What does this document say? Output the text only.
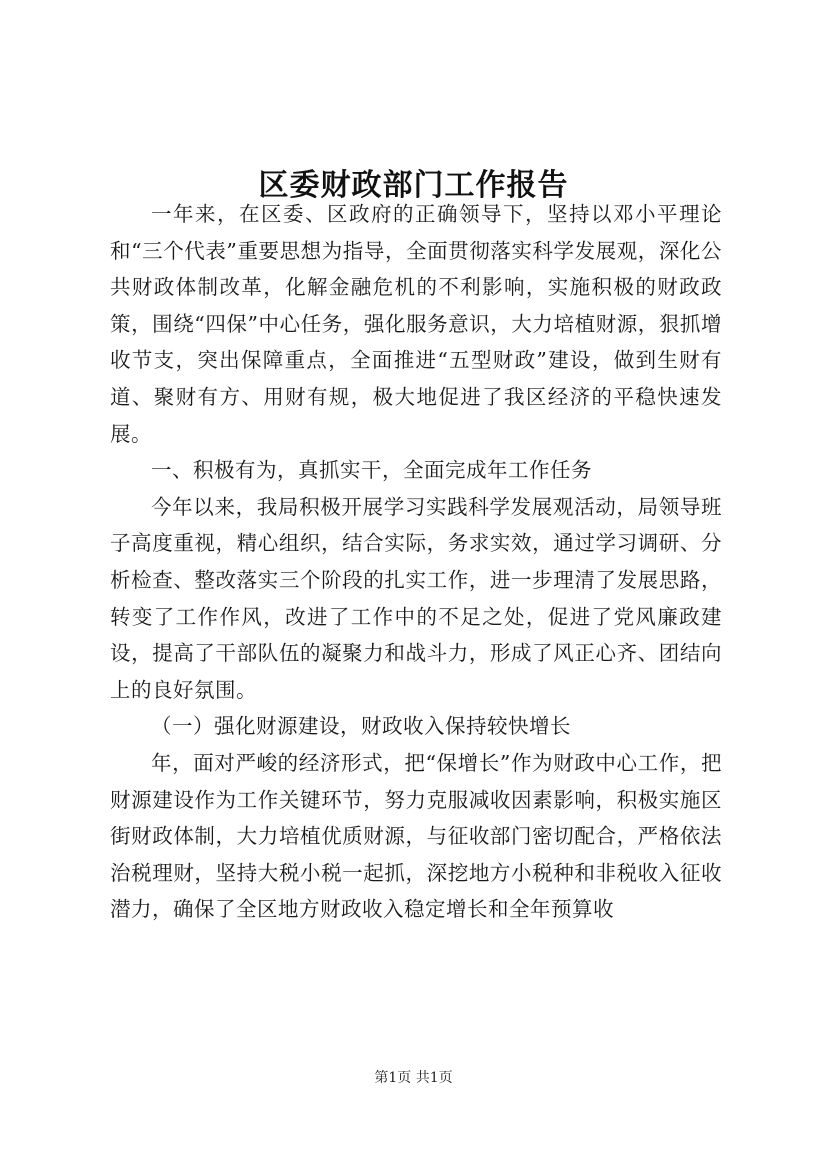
区委财政部门工作报告

一年来，在区委、区政府的正确领导下，坚持以邓小平理论和“三个代表”重要思想为指导，全面贯彻落实科学发展观，深化公共财政体制改革，化解金融危机的不利影响，实施积极的财政政策，围绕“四保”中心任务，强化服务意识，大力培植财源，狠抓增收节支，突出保障重点，全面推进“五型财政”建设，做到生财有道、聚财有方、用财有规，极大地促进了我区经济的平稳快速发展。

一、积极有为，真抓实干，全面完成年工作任务

今年以来，我局积极开展学习实践科学发展观活动，局领导班子高度重视，精心组织，结合实际，务求实效，通过学习调研、分析检查、整改落实三个阶段的扎实工作，进一步理清了发展思路，转变了工作作风，改进了工作中的不足之处，促进了党风廉政建设，提高了干部队伍的凝聚力和战斗力，形成了风正心齐、团结向上的良好氛围。

（一）强化财源建设，财政收入保持较快增长

年，面对严峻的经济形式，把“保增长”作为财政中心工作，把财源建设作为工作关键环节，努力克服减收因素影响，积极实施区街财政体制，大力培植优质财源，与征收部门密切配合，严格依法治税理财，坚持大税小税一起抓，深挖地方小税种和非税收入征收潜力，确保了全区地方财政收入稳定增长和全年预算收

第1页 共1页
